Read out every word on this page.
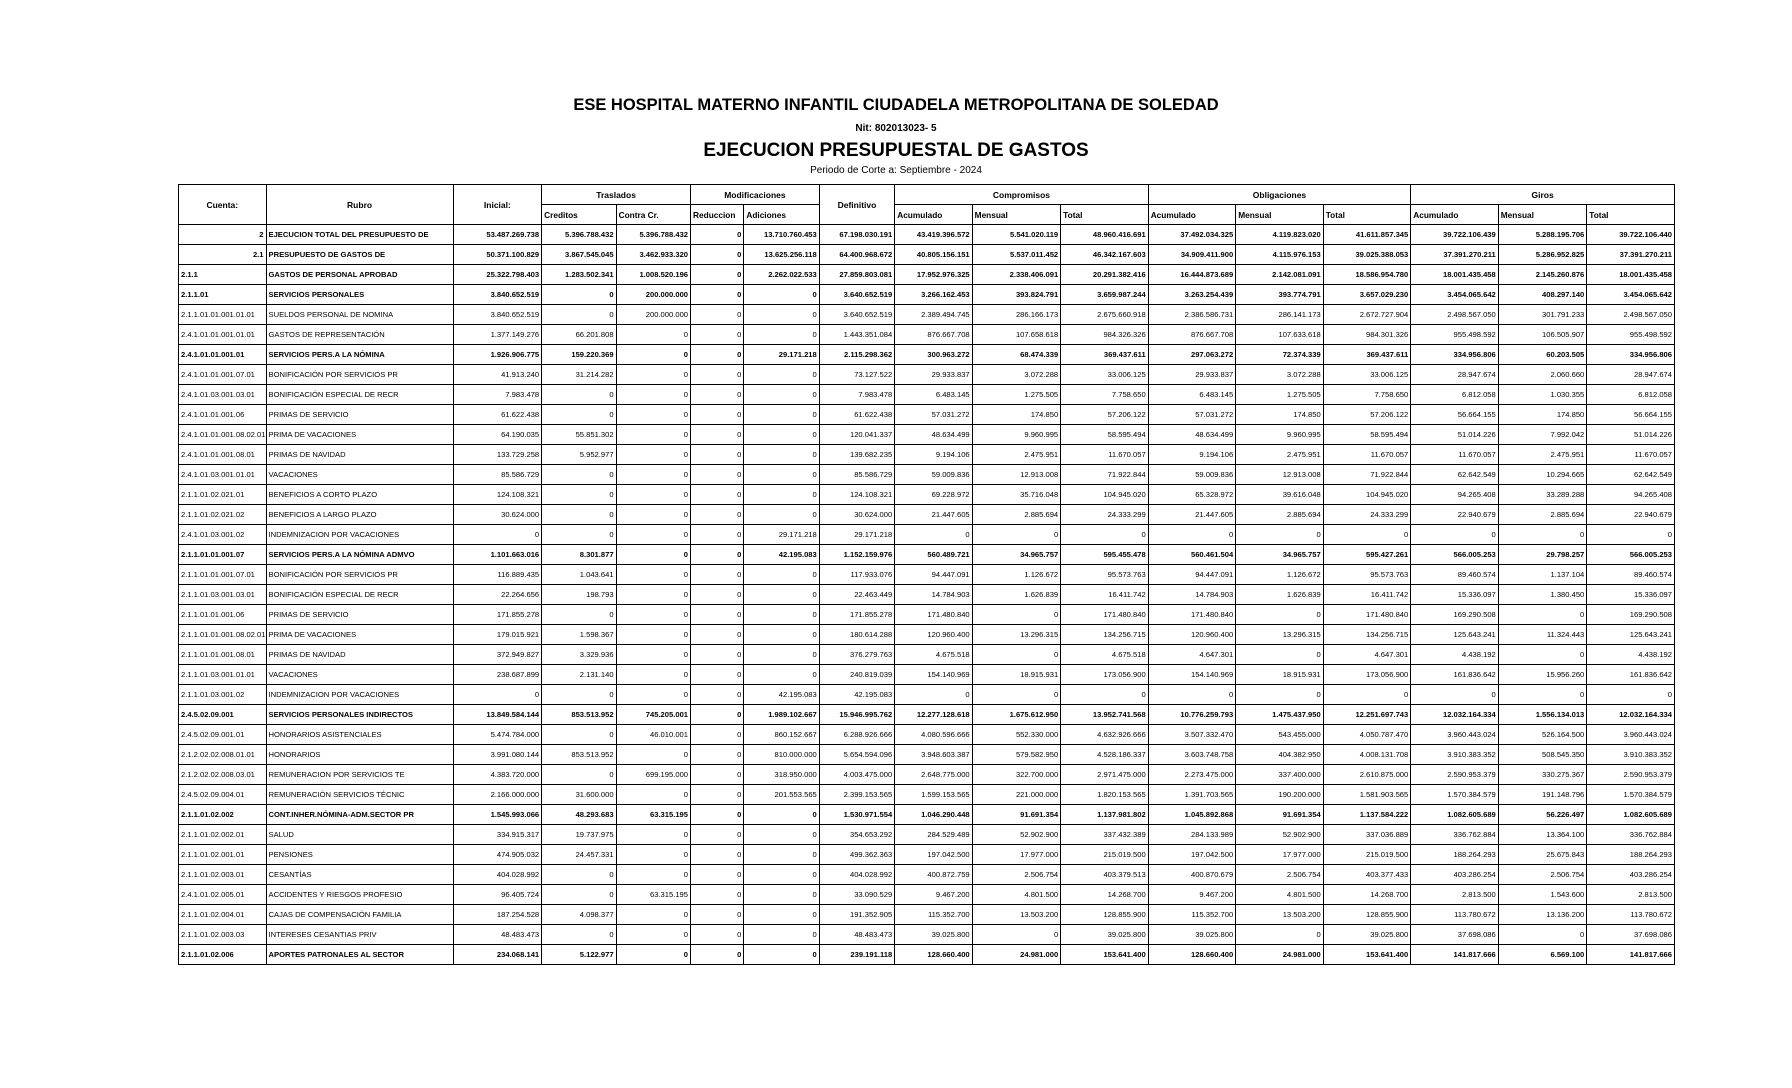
ESE HOSPITAL MATERNO INFANTIL CIUDADELA METROPOLITANA DE SOLEDAD
Nit: 802013023- 5
EJECUCION PRESUPUESTAL DE GASTOS
Periodo de Corte a: Septiembre - 2024
Cuenta:	Rubro	Inicial:	Traslados		Modificaciones		Definitivo	Compromisos			Obligaciones			Giros		
			Creditos	Contra Cr.	Reduccion	Adiciones		Acumulado	Mensual	Total	Acumulado	Mensual	Total	Acumulado	Mensual	Total
2	EJECUCION TOTAL DEL PRESUPUESTO DE	53.487.269.738	5.396.788.432	5.396.788.432	0	13.710.760.453	67.198.030.191	43.419.396.572	5.541.020.119	48.960.416.691	37.492.034.325	4.119.823.020	41.611.857.345	39.722.106.439	5.288.195.706	39.722.106.440
2.1	PRESUPUESTO DE GASTOS DE	50.371.100.829	3.867.545.045	3.462.933.320	0	13.625.256.118	64.400.968.672	40.805.156.151	5.537.011.452	46.342.167.603	34.909.411.900	4.115.976.153	39.025.388.053	37.391.270.211	5.286.952.825	37.391.270.211
2.1.1	GASTOS DE PERSONAL APROBAD	25.322.798.403	1.283.502.341	1.008.520.196	0	2.262.022.533	27.859.803.081	17.952.976.325	2.338.406.091	20.291.382.416	16.444.873.689	2.142.081.091	18.586.954.780	18.001.435.458	2.145.260.876	18.001.435.458
2.1.1.01	SERVICIOS PERSONALES	3.840.652.519	0	200.000.000	0	0	3.640.652.519	3.266.162.453	393.824.791	3.659.987.244	3.263.254.439	393.774.791	3.657.029.230	3.454.065.642	408.297.140	3.454.065.642
2.1.1.01.01.001.01.01	SUELDOS PERSONAL DE NOMINA	3.840.652.519	0	200.000.000	0	0	3.640.652.519	2.389.494.745	286.166.173	2.675.660.918	2.386.586.731	286.141.173	2.672.727.904	2.498.567.050	301.791.233	2.498.567.050
2.4.1.01.01.001.01.01	GASTOS DE REPRESENTACIÓN	1.377.149.276	66.201.808	0	0	0	1.443.351.084	876.667.708	107.658.618	984.326.326	876.667.708	107.633.618	984.301.326	955.498.592	106.505.907	955.498.592
2.4.1.01.01.001.01	SERVICIOS PERS.A LA NÓMINA	1.926.906.775	159.220.369	0	0	29.171.218	2.115.298.362	300.963.272	68.474.339	369.437.611	297.063.272	72.374.339	369.437.611	334.956.806	60.203.505	334.956.806
2.4.1.01.01.001.07.01	BONIFICACIÓN POR SERVICIOS PR	41.913.240	31.214.282	0	0	0	73.127.522	29.933.837	3.072.288	33.006.125	29.933.837	3.072.288	33.006.125	28.947.674	2.060.660	28.947.674
2.4.1.01.03.001.03.01	BONIFICACIÓN ESPECIAL DE RECR	7.983.478	0	0	0	0	7.983.478	6.483.145	1.275.505	7.758.650	6.483.145	1.275.505	7.758.650	6.812.058	1.030.355	6.812.058
2.4.1.01.01.001.06	PRIMAS DE SERVICIO	61.622.438	0	0	0	0	61.622.438	57.031.272	174.850	57.206.122	57.031.272	174.850	57.206.122	56.664.155	174.850	56.664.155
2.4.1.01.01.001.08.02.01	PRIMA DE VACACIONES	64.190.035	55.851.302	0	0	0	120.041.337	48.634.499	9.960.995	58.595.494	48.634.499	9.960.995	58.595.494	51.014.226	7.992.042	51.014.226
2.4.1.01.01.001.08.01	PRIMAS DE NAVIDAD	133.729.258	5.952.977	0	0	0	139.682.235	9.194.106	2.475.951	11.670.057	9.194.106	2.475.951	11.670.057	11.670.057	2.475.951	11.670.057
2.4.1.01.03.001.01.01	VACACIONES	85.586.729	0	0	0	0	85.586.729	59.009.836	12.913.008	71.922.844	59.009.836	12.913.008	71.922.844	62.642.549	10.294.665	62.642.549
2.1.1.01.02.021.01	BENEFICIOS A CORTO PLAZO	124.108.321	0	0	0	0	124.108.321	69.228.972	35.716.048	104.945.020	65.328.972	39.616.048	104.945.020	94.265.408	33.289.288	94.265.408
2.1.1.01.02.021.02	BENEFICIOS A LARGO PLAZO	30.624.000	0	0	0	0	30.624.000	21.447.605	2.885.694	24.333.299	21.447.605	2.885.694	24.333.299	22.940.679	2.885.694	22.940.679
2.4.1.01.03.001.02	INDEMNIZACION POR VACACIONES	0	0	0	0	29.171.218	29.171.218	0	0	0	0	0	0	0	0	0
2.1.1.01.01.001.07	SERVICIOS PERS.A LA NÓMINA ADMVO	1.101.663.016	8.301.877	0	0	42.195.083	1.152.159.976	560.489.721	34.965.757	595.455.478	560.461.504	34.965.757	595.427.261	566.005.253	29.798.257	566.005.253
2.1.1.01.01.001.07.01	BONIFICACIÓN POR SERVICIOS PR	116.889.435	1.043.641	0	0	0	117.933.076	94.447.091	1.126.672	95.573.763	94.447.091	1.126.672	95.573.763	89.460.574	1.137.104	89.460.574
2.1.1.01.03.001.03.01	BONIFICACIÓN ESPECIAL DE RECR	22.264.656	198.793	0	0	0	22.463.449	14.784.903	1.626.839	16.411.742	14.784.903	1.626.839	16.411.742	15.336.097	1.380.450	15.336.097
2.1.1.01.01.001.06	PRIMAS DE SERVICIO	171.855.278	0	0	0	0	171.855.278	171.480.840	0	171.480.840	171.480.840	0	171.480.840	169.290.508	0	169.290.508
2.1.1.01.01.001.08.02.01	PRIMA DE VACACIONES	179.015.921	1.598.367	0	0	0	180.614.288	120.960.400	13.296.315	134.256.715	120.960.400	13.296.315	134.256.715	125.643.241	11.324.443	125.643.241
2.1.1.01.01.001.08.01	PRIMAS DE NAVIDAD	372.949.827	3.329.936	0	0	0	376.279.763	4.675.518	0	4.675.518	4.647.301	0	4.647.301	4.438.192	0	4.438.192
2.1.1.01.03.001.01.01	VACACIONES	238.687.899	2.131.140	0	0	0	240.819.039	154.140.969	18.915.931	173.056.900	154.140.969	18.915.931	173.056.900	161.836.642	15.956.260	161.836.642
2.1.1.01.03.001.02	INDEMNIZACION POR VACACIONES	0	0	0	0	42.195.083	42.195.083	0	0	0	0	0	0	0	0	0
2.4.5.02.09.001	SERVICIOS PERSONALES INDIRECTOS	13.849.584.144	853.513.952	745.205.001	0	1.989.102.667	15.946.995.762	12.277.128.618	1.675.612.950	13.952.741.568	10.776.259.793	1.475.437.950	12.251.697.743	12.032.164.334	1.556.134.013	12.032.164.334
2.4.5.02.09.001.01	HONORARIOS ASISTENCIALES	5.474.784.000	0	46.010.001	0	860.152.667	6.288.926.666	4.080.596.666	552.330.000	4.632.926.666	3.507.332.470	543.455.000	4.050.787.470	3.960.443.024	526.164.500	3.960.443.024
2.1.2.02.02.008.01.01	HONORARIOS	3.991.080.144	853.513.952	0	0	810.000.000	5.654.594.096	3.948.603.387	579.582.950	4.528.186.337	3.603.748.758	404.382.950	4.008.131.708	3.910.383.352	508.545.350	3.910.383.352
2.1.2.02.02.008.03.01	REMUNERACION POR SERVICIOS TE	4.383.720.000	0	699.195.000	0	318.950.000	4.003.475.000	2.648.775.000	322.700.000	2.971.475.000	2.273.475.000	337.400.000	2.610.875.000	2.590.953.379	330.275.367	2.590.953.379
2.4.5.02.09.004.01	REMUNERACIÓN SERVICIOS TÉCNIC	2.166.000.000	31.600.000	0	0	201.553.565	2.399.153.565	1.599.153.565	221.000.000	1.820.153.565	1.391.703.565	190.200.000	1.581.903.565	1.570.384.579	191.148.796	1.570.384.579
2.1.1.01.02.002	CONT.INHER.NÓMINA-ADM.SECTOR PR	1.545.993.066	48.293.683	63.315.195	0	0	1.530.971.554	1.046.290.448	91.691.354	1.137.981.802	1.045.892.868	91.691.354	1.137.584.222	1.082.605.689	56.226.497	1.082.605.689
2.1.1.01.02.002.01	SALUD	334.915.317	19.737.975	0	0	0	354.653.292	284.529.489	52.902.900	337.432.389	284.133.989	52.902.900	337.036.889	336.762.884	13.364.100	336.762.884
2.1.1.01.02.001.01	PENSIONES	474.905.032	24.457.331	0	0	0	499.362.363	197.042.500	17.977.000	215.019.500	197.042.500	17.977.000	215.019.500	188.264.293	25.675.843	188.264.293
2.1.1.01.02.003.01	CESANTÍAS	404.028.992	0	0	0	0	404.028.992	400.872.759	2.506.754	403.379.513	400.870.679	2.506.754	403.377.433	403.286.254	2.506.754	403.286.254
2.4.1.01.02.005.01	ACCIDENTES Y RIESGOS PROFESIO	96.405.724	0	63.315.195	0	0	33.090.529	9.467.200	4.801.500	14.268.700	9.467.200	4.801.500	14.268.700	2.813.500	1.543.600	2.813.500
2.1.1.01.02.004.01	CAJAS DE COMPENSACIÓN FAMILIA	187.254.528	4.098.377	0	0	0	191.352.905	115.352.700	13.503.200	128.855.900	115.352.700	13.503.200	128.855.900	113.780.672	13.136.200	113.780.672
2.1.1.01.02.003.03	INTERESES CESANTIAS PRIV	48.483.473	0	0	0	0	48.483.473	39.025.800	0	39.025.800	39.025.800	0	39.025.800	37.698.086	0	37.698.086
2.1.1.01.02.006	APORTES PATRONALES AL SECTOR	234.068.141	5.122.977	0	0	0	239.191.118	128.660.400	24.981.000	153.641.400	128.660.400	24.981.000	153.641.400	141.817.666	6.569.100	141.817.666
